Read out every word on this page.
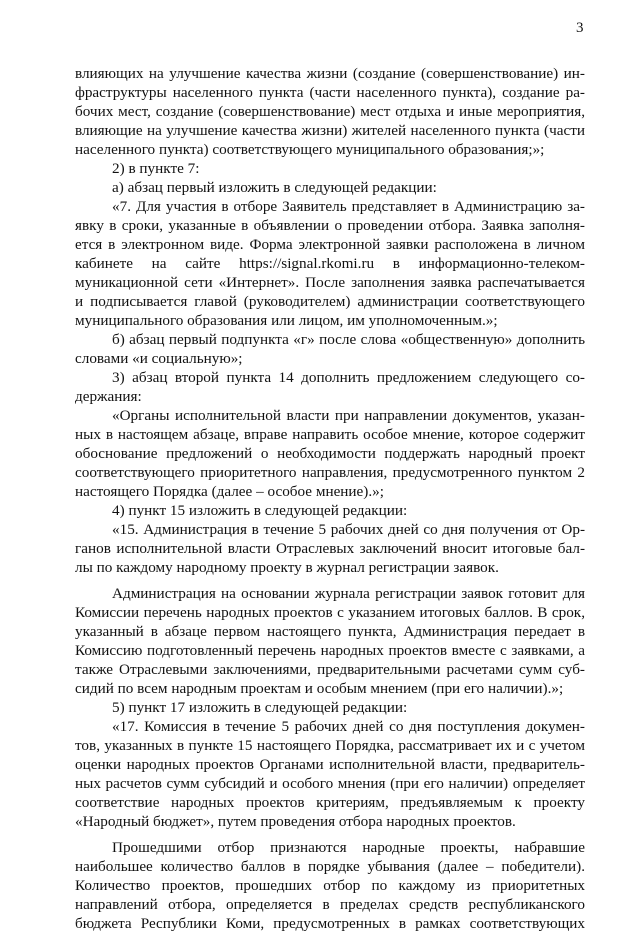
3
влияющих на улучшение качества жизни (создание (совершенствование) ин-
фраструктуры населенного пункта (части населенного пункта), создание ра-
бочих мест, создание (совершенствование) мест отдыха и иные мероприятия,
влияющие на улучшение качества жизни) жителей населенного пункта (части
населенного пункта) соответствующего муниципального образования;»;
2) в пункте 7:
а) абзац первый изложить в следующей редакции:
«7. Для участия в отборе Заявитель представляет в Администрацию за-
явку в сроки, указанные в объявлении о проведении отбора. Заявка заполня-
ется в электронном виде. Форма электронной заявки расположена в личном
кабинете на сайте https://signal.rkomi.ru в информационно-телеком-
муникационной сети «Интернет». После заполнения заявка распечатывается
и подписывается главой (руководителем) администрации соответствующего
муниципального образования или лицом, им уполномоченным.»;
б) абзац первый подпункта «г» после слова «общественную» дополнить
словами «и социальную»;
3) абзац второй пункта 14 дополнить предложением следующего со-
держания:
«Органы исполнительной власти при направлении документов, указан-
ных в настоящем абзаце, вправе направить особое мнение, которое содержит
обоснование предложений о необходимости поддержать народный проект
соответствующего приоритетного направления, предусмотренного пунктом 2
настоящего Порядка (далее – особое мнение).»;
4) пункт 15 изложить в следующей редакции:
«15. Администрация в течение 5 рабочих дней со дня получения от Ор-
ганов исполнительной власти Отраслевых заключений вносит итоговые бал-
лы по каждому народному проекту в журнал регистрации заявок.
Администрация на основании журнала регистрации заявок готовит для
Комиссии перечень народных проектов с указанием итоговых баллов. В срок,
указанный в абзаце первом настоящего пункта, Администрация передает в
Комиссию подготовленный перечень народных проектов вместе с заявками, а
также Отраслевыми заключениями, предварительными расчетами сумм суб-
сидий по всем народным проектам и особым мнением (при его наличии).»;
5) пункт 17 изложить в следующей редакции:
«17. Комиссия в течение 5 рабочих дней со дня поступления докумен-
тов, указанных в пункте 15 настоящего Порядка, рассматривает их и с учетом
оценки народных проектов Органами исполнительной власти, предваритель-
ных расчетов сумм субсидий и особого мнения (при его наличии) определяет
соответствие народных проектов критериям, предъявляемым к проекту
«Народный бюджет», путем проведения отбора народных проектов.
Прошедшими отбор признаются народные проекты, набравшие
наибольшее количество баллов в порядке убывания (далее – победители).
Количество проектов, прошедших отбор по каждому из приоритетных
направлений отбора, определяется в пределах средств республиканского
бюджета Республики Коми, предусмотренных в рамках соответствующих
